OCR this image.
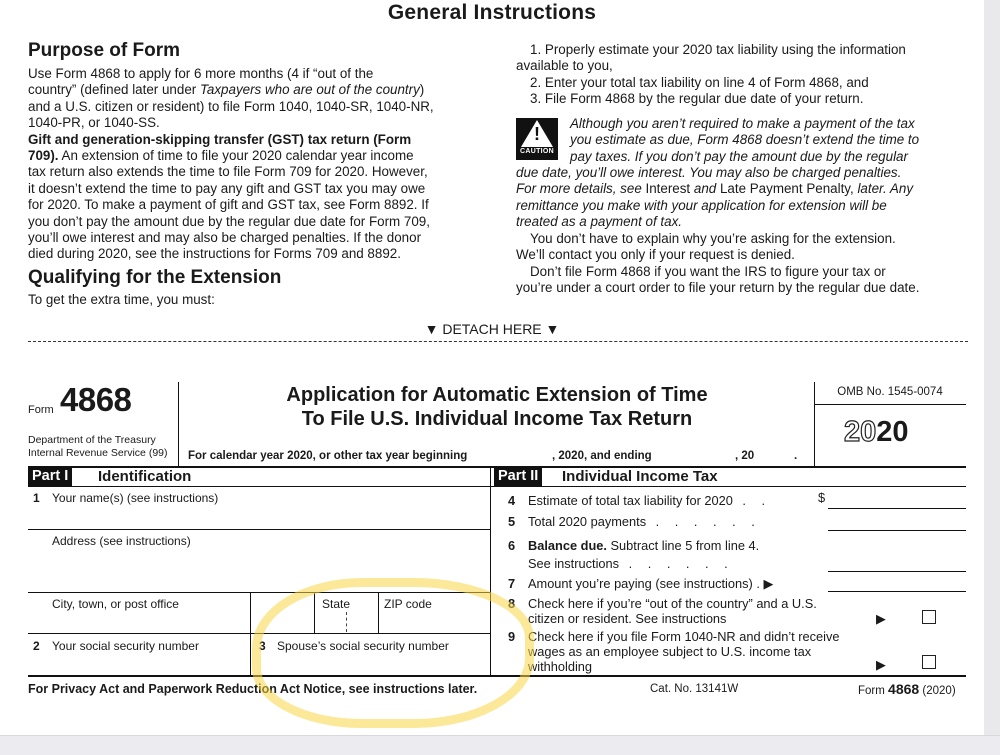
General Instructions
Purpose of Form
Use Form 4868 to apply for 6 more months (4 if “out of the
country” (defined later under Taxpayers who are out of the country)
and a U.S. citizen or resident) to file Form 1040, 1040-SR, 1040-NR,
1040-PR, or 1040-SS.
Gift and generation-skipping transfer (GST) tax return (Form
709). An extension of time to file your 2020 calendar year income
tax return also extends the time to file Form 709 for 2020. However,
it doesn’t extend the time to pay any gift and GST tax you may owe
for 2020. To make a payment of gift and GST tax, see Form 8892. If
you don’t pay the amount due by the regular due date for Form 709,
you’ll owe interest and may also be charged penalties. If the donor
died during 2020, see the instructions for Forms 709 and 8892.
Qualifying for the Extension
To get the extra time, you must:
1. Properly estimate your 2020 tax liability using the information
available to you,
2. Enter your total tax liability on line 4 of Form 4868, and
3. File Form 4868 by the regular due date of your return.
!
CAUTION
Although you aren’t required to make a payment of the tax
you estimate as due, Form 4868 doesn’t extend the time to
pay taxes. If you don’t pay the amount due by the regular
due date, you’ll owe interest. You may also be charged penalties.
For more details, see Interest and Late Payment Penalty, later. Any
remittance you make with your application for extension will be
treated as a payment of tax.
You don’t have to explain why you’re asking for the extension.
We’ll contact you only if your request is denied.
Don’t file Form 4868 if you want the IRS to figure your tax or
you’re under a court order to file your return by the regular due date.
▼ DETACH HERE ▼
Form 4868
Department of the Treasury
Internal Revenue Service (99)
Application for Automatic Extension of Time
To File U.S. Individual Income Tax Return
OMB No. 1545-0074
2020
For calendar year 2020, or other tax year beginning	, 2020, and ending	, 20	.
Part I Identification	Part II Individual Income Tax
1 Your name(s) (see instructions)
Address (see instructions)
City, town, or post office	State	ZIP code
2 Your social security number	3 Spouse’s social security number
4 Estimate of total tax liability for 2020 . .	$
5 Total 2020 payments . . . . . .
6 Balance due. Subtract line 5 from line 4.
See instructions . . . . . .
7 Amount you’re paying (see instructions) . ▶
8 Check here if you’re “out of the country” and a U.S.
citizen or resident. See instructions	▶
9 Check here if you file Form 1040-NR and didn’t receive
wages as an employee subject to U.S. income tax
withholding	▶
For Privacy Act and Paperwork Reduction Act Notice, see instructions later.	Cat. No. 13141W	Form 4868 (2020)
